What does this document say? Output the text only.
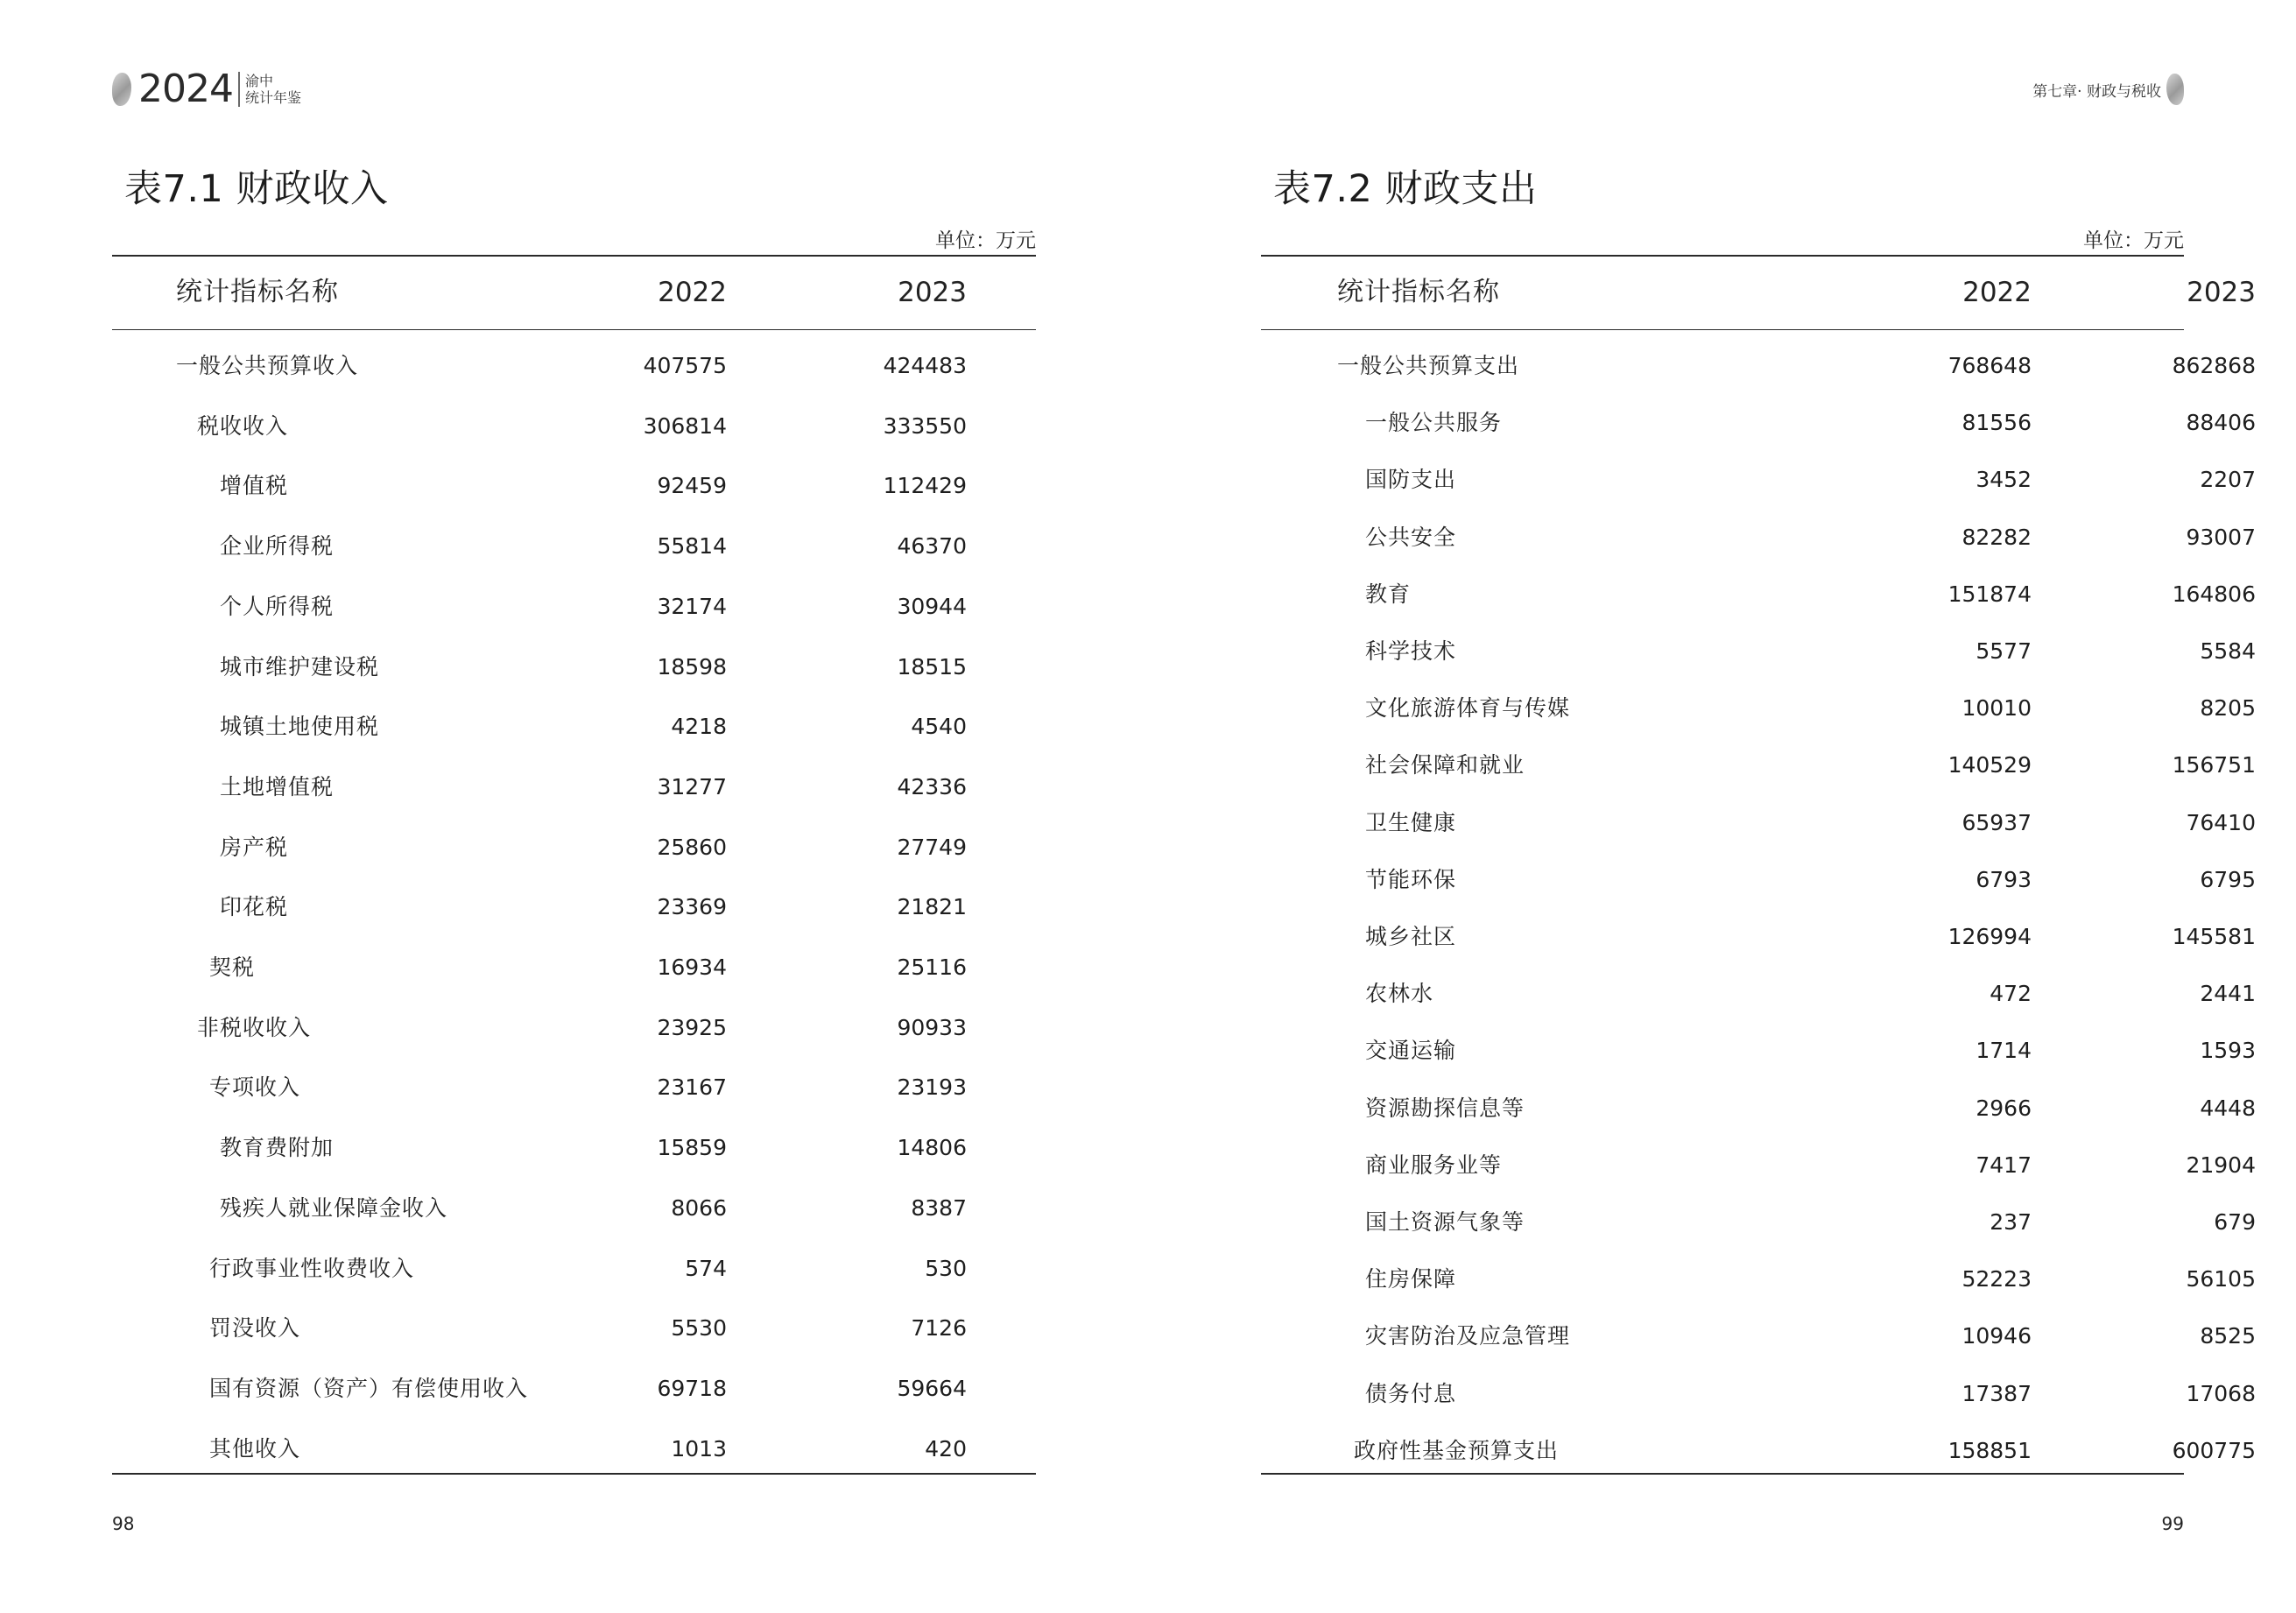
2024 渝中
统计年鉴	第七章· 财政与税收
表7.1 财政收入
单位：万元
统计指标名称	2022	2023
一般公共预算收入	407575	424483
税收收入	306814	333550
增值税	92459	112429
企业所得税	55814	46370
个人所得税	32174	30944
城市维护建设税	18598	18515
城镇土地使用税	4218	4540
土地增值税	31277	42336
房产税	25860	27749
印花税	23369	21821
契税	16934	25116
非税收收入	23925	90933
专项收入	23167	23193
教育费附加	15859	14806
残疾人就业保障金收入	8066	8387
行政事业性收费收入	574	530
罚没收入	5530	7126
国有资源（资产）有偿使用收入	69718	59664
其他收入	1013	420
98
表7.2 财政支出
单位：万元
统计指标名称	2022	2023
一般公共预算支出	768648	862868
一般公共服务	81556	88406
国防支出	3452	2207
公共安全	82282	93007
教育	151874	164806
科学技术	5577	5584
文化旅游体育与传媒	10010	8205
社会保障和就业	140529	156751
卫生健康	65937	76410
节能环保	6793	6795
城乡社区	126994	145581
农林水	472	2441
交通运输	1714	1593
资源勘探信息等	2966	4448
商业服务业等	7417	21904
国土资源气象等	237	679
住房保障	52223	56105
灾害防治及应急管理	10946	8525
债务付息	17387	17068
政府性基金预算支出	158851	600775
99
